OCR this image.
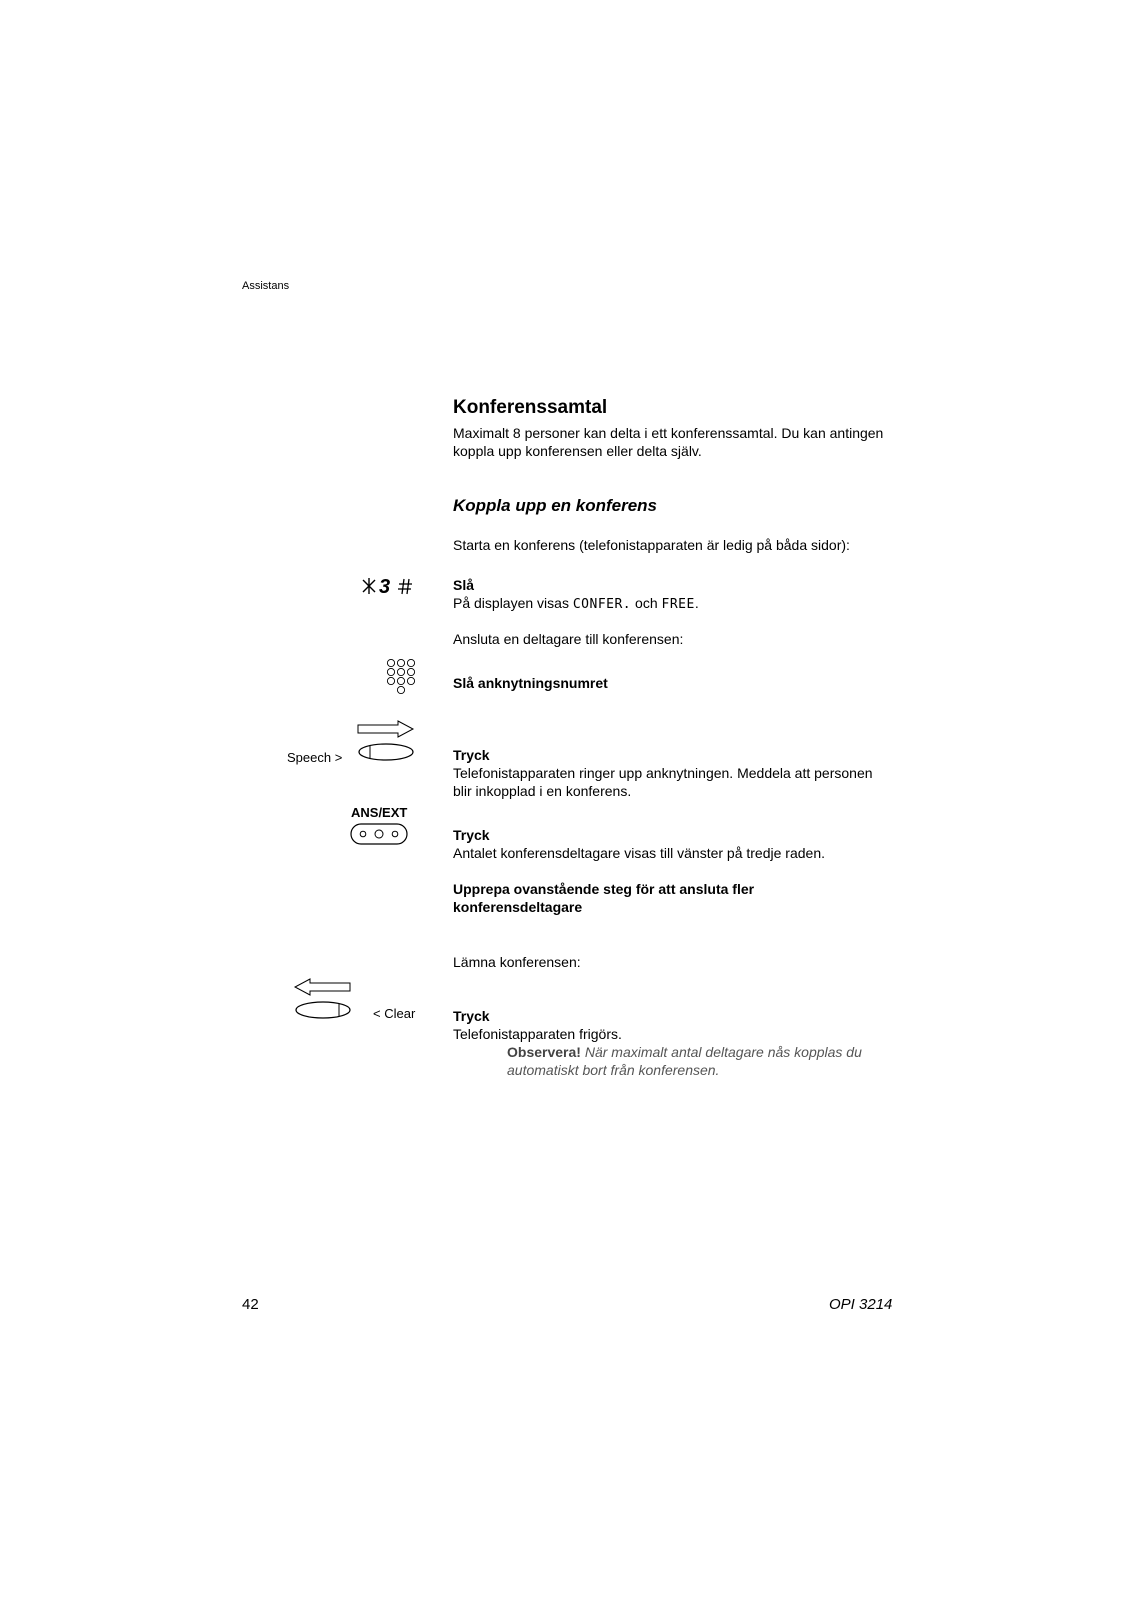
Assistans
Konferenssamtal
Maximalt 8 personer kan delta i ett konferenssamtal. Du kan antingen
koppla upp konferensen eller delta själv.
Koppla upp en konferens
Starta en konferens (telefonistapparaten är ledig på båda sidor):
3	Slå
På displayen visas CONFER. och FREE.
Ansluta en deltagare till konferensen:
Slå anknytningsnumret
Speech >	Tryck
Telefonistapparaten ringer upp anknytningen. Meddela att personen
blir inkopplad i en konferens.
ANS/EXT
Tryck
Antalet konferensdeltagare visas till vänster på tredje raden.
Upprepa ovanstående steg för att ansluta fler
konferensdeltagare
Lämna konferensen:
< Clear	Tryck
Telefonistapparaten frigörs.
Observera! När maximalt antal deltagare nås kopplas du
automatiskt bort från konferensen.
42	OPI 3214
